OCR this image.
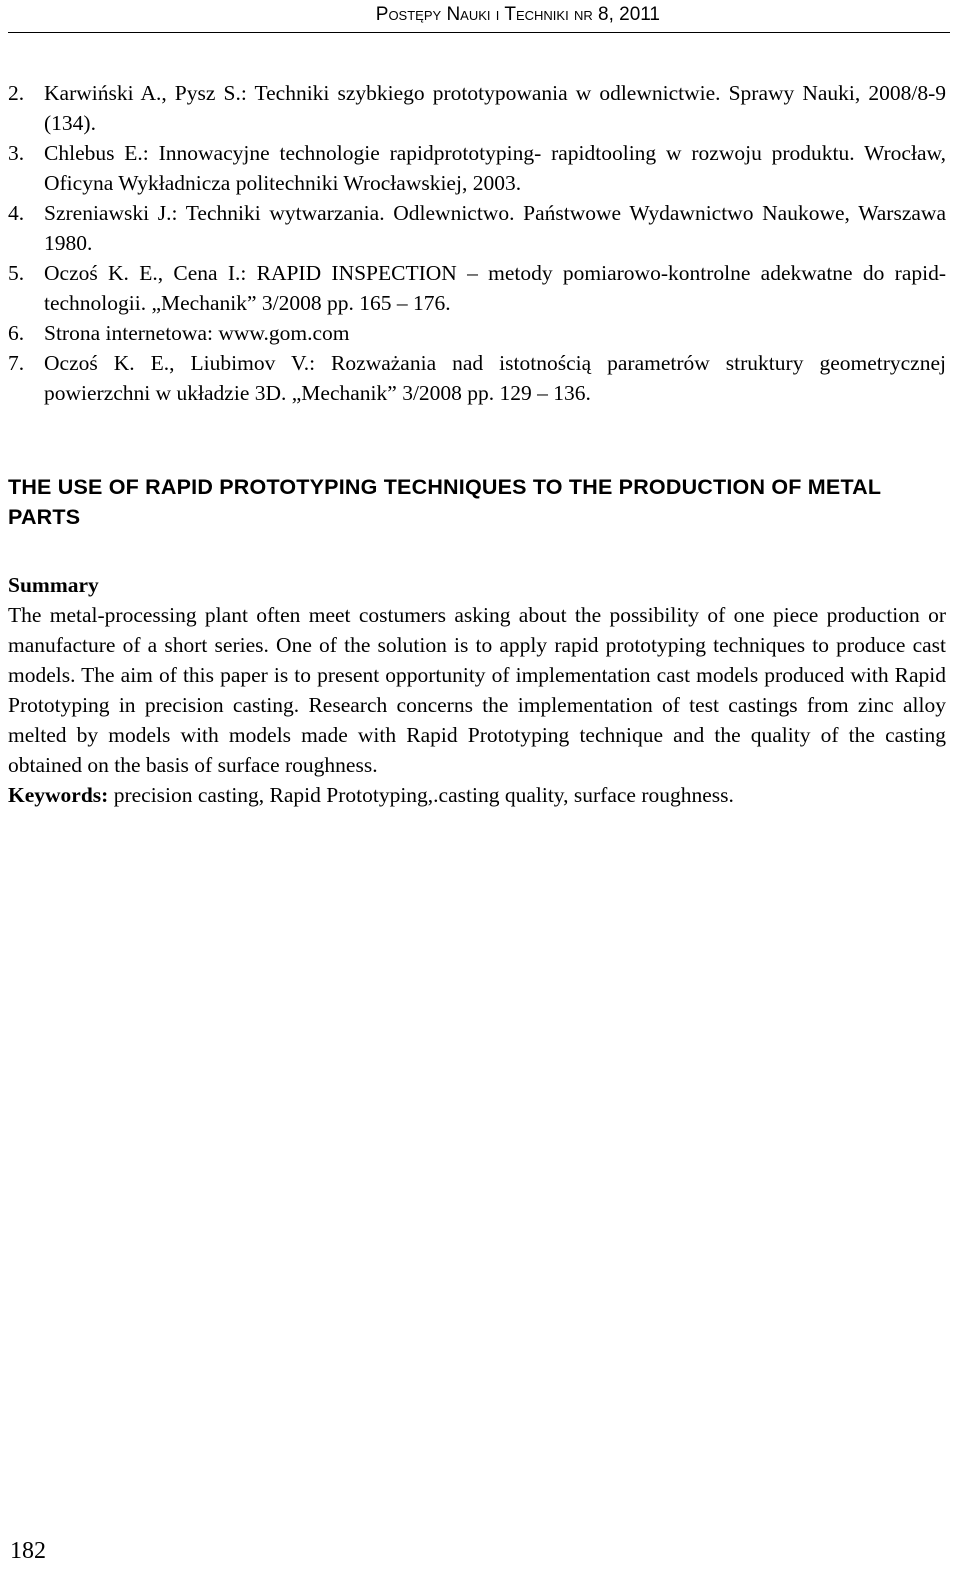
Postępy Nauki i Techniki nr 8, 2011
2. Karwiński A., Pysz S.: Techniki szybkiego prototypowania w odlewnictwie. Sprawy Nauki, 2008/8-9 (134).
3. Chlebus E.: Innowacyjne technologie rapidprototyping- rapidtooling w rozwoju produktu. Wrocław, Oficyna Wykładnicza politechniki Wrocławskiej, 2003.
4. Szreniawski J.: Techniki wytwarzania. Odlewnictwo. Państwowe Wydawnictwo Naukowe, Warszawa 1980.
5. Oczoś K. E., Cena I.: RAPID INSPECTION – metody pomiarowo-kontrolne adekwatne do rapid-technologii. „Mechanik” 3/2008 pp. 165 – 176.
6. Strona internetowa: www.gom.com
7. Oczoś K. E., Liubimov V.: Rozważania nad istotnością parametrów struktury geometrycznej powierzchni w układzie 3D. „Mechanik” 3/2008 pp. 129 – 136.
THE USE OF RAPID PROTOTYPING TECHNIQUES TO THE PRODUCTION OF METAL PARTS
Summary

The metal-processing plant often meet costumers asking about the possibility of one piece production or manufacture of a short series. One of the solution is to apply rapid prototyping techniques to produce cast models. The aim of this paper is to present opportunity of implementation cast models produced with Rapid Prototyping in precision casting. Research concerns the implementation of test castings from zinc alloy melted by models with models made with Rapid Prototyping technique and the quality of the casting obtained on the basis of surface roughness.

Keywords: precision casting, Rapid Prototyping,.casting quality, surface roughness.

182
